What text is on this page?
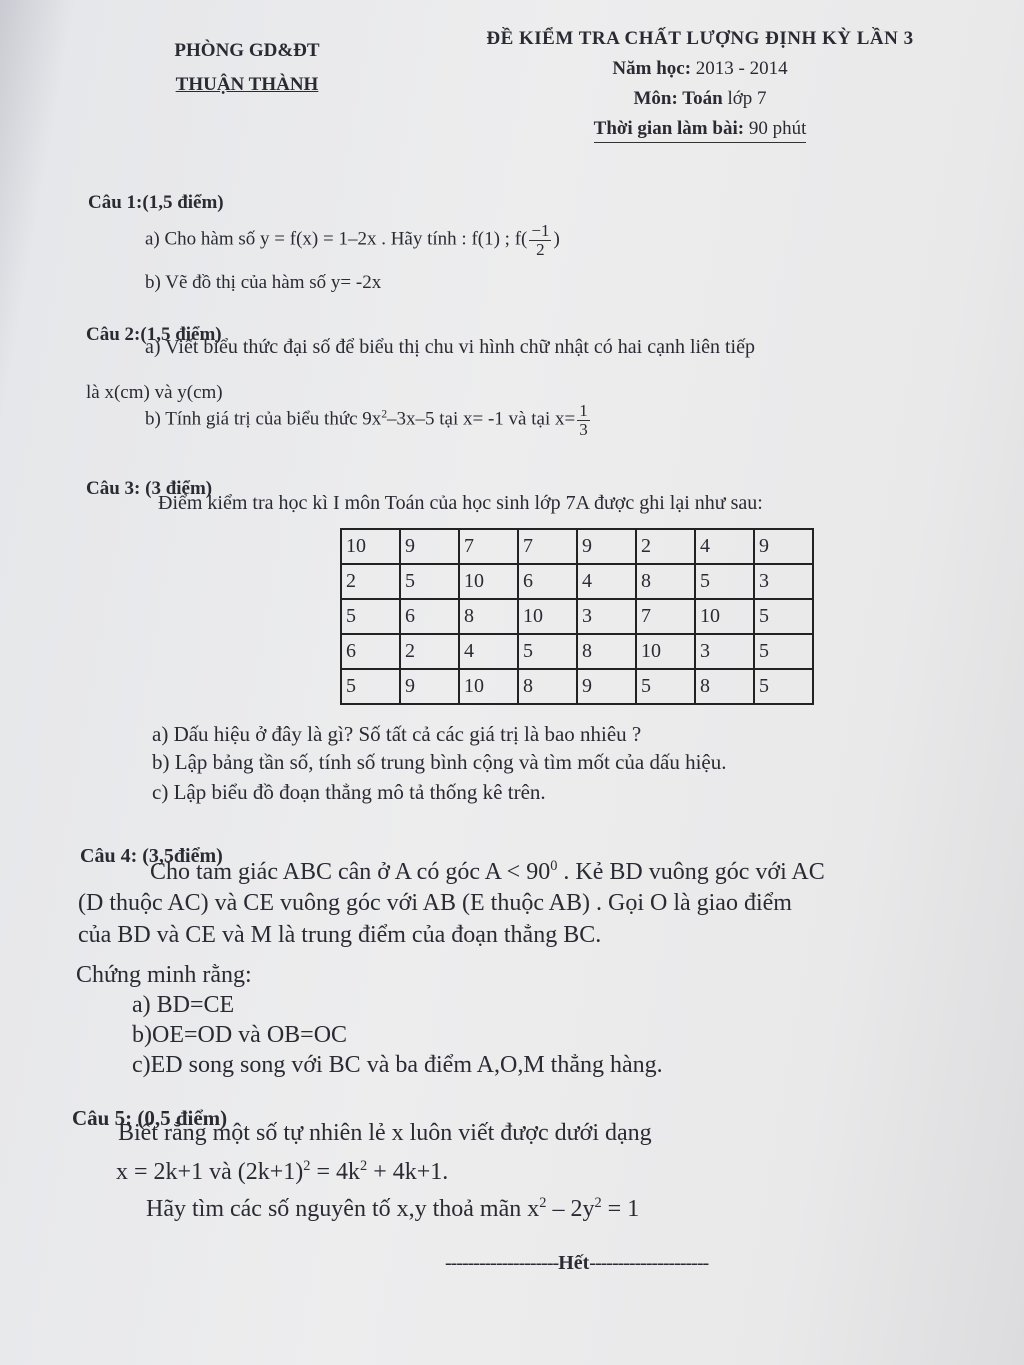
PHÒNG GD&ĐT
THUẬN THÀNH
ĐỀ KIỂM TRA CHẤT LƯỢNG ĐỊNH KỲ LẦN 3
Năm học: 2013 - 2014
Môn: Toán lớp 7
Thời gian làm bài: 90 phút
Câu 1:(1,5 điểm)
a) Cho hàm số y = f(x) = 1–2x . Hãy tính : f(1) ; $f( \frac{-1}{2}$ )
b) Vẽ đồ thị của hàm số y= -2x
Câu 2:(1,5 điểm)
a) Viết biểu thức đại số để biểu thị chu vi hình chữ nhật có hai cạnh liên tiếp
là x(cm) và y(cm)
b) Tính giá trị của biểu thức $9x^2-3x-5$ tại x= -1 và tại $x= \frac{1}{3}$
Câu 3: (3 điểm)
Điểm kiểm tra học kì I môn Toán của học sinh lớp 7A được ghi lại như sau:
10	9	7	7	9	2	4	9
2	5	10	6	4	8	5	3
5	6	8	10	3	7	10	5
6	2	4	5	8	10	3	5
5	9	10	8	9	5	8	5
a) Dấu hiệu ở đây là gì? Số tất cả các giá trị là bao nhiêu ?
b) Lập bảng tần số, tính số trung bình cộng và tìm mốt của dấu hiệu.
c) Lập biểu đồ đoạn thẳng mô tả thống kê trên.
Câu 4: (3,5điểm)
Cho tam giác ABC cân ở A có góc $A < 90^0$ . Kẻ BD vuông góc với AC
(D thuộc AC) và CE vuông góc với AB (E thuộc AB) . Gọi O là giao điểm
của BD và CE và M là trung điểm của đoạn thẳng BC.
Chứng minh rằng:
a) BD=CE
b)OE=OD và OB=OC
c)ED song song với BC và ba điểm A,O,M thẳng hàng.
Câu 5: (0,5 điểm)
Biết rằng một số tự nhiên lẻ x luôn viết được dưới dạng
x = 2k+1 và $(2k+1)^2 = 4k^2 + 4k+1$.
Hãy tìm các số nguyên tố x,y thoả mãn $x^2 - 2y^2 = 1$
--------------------Hết---------------------
